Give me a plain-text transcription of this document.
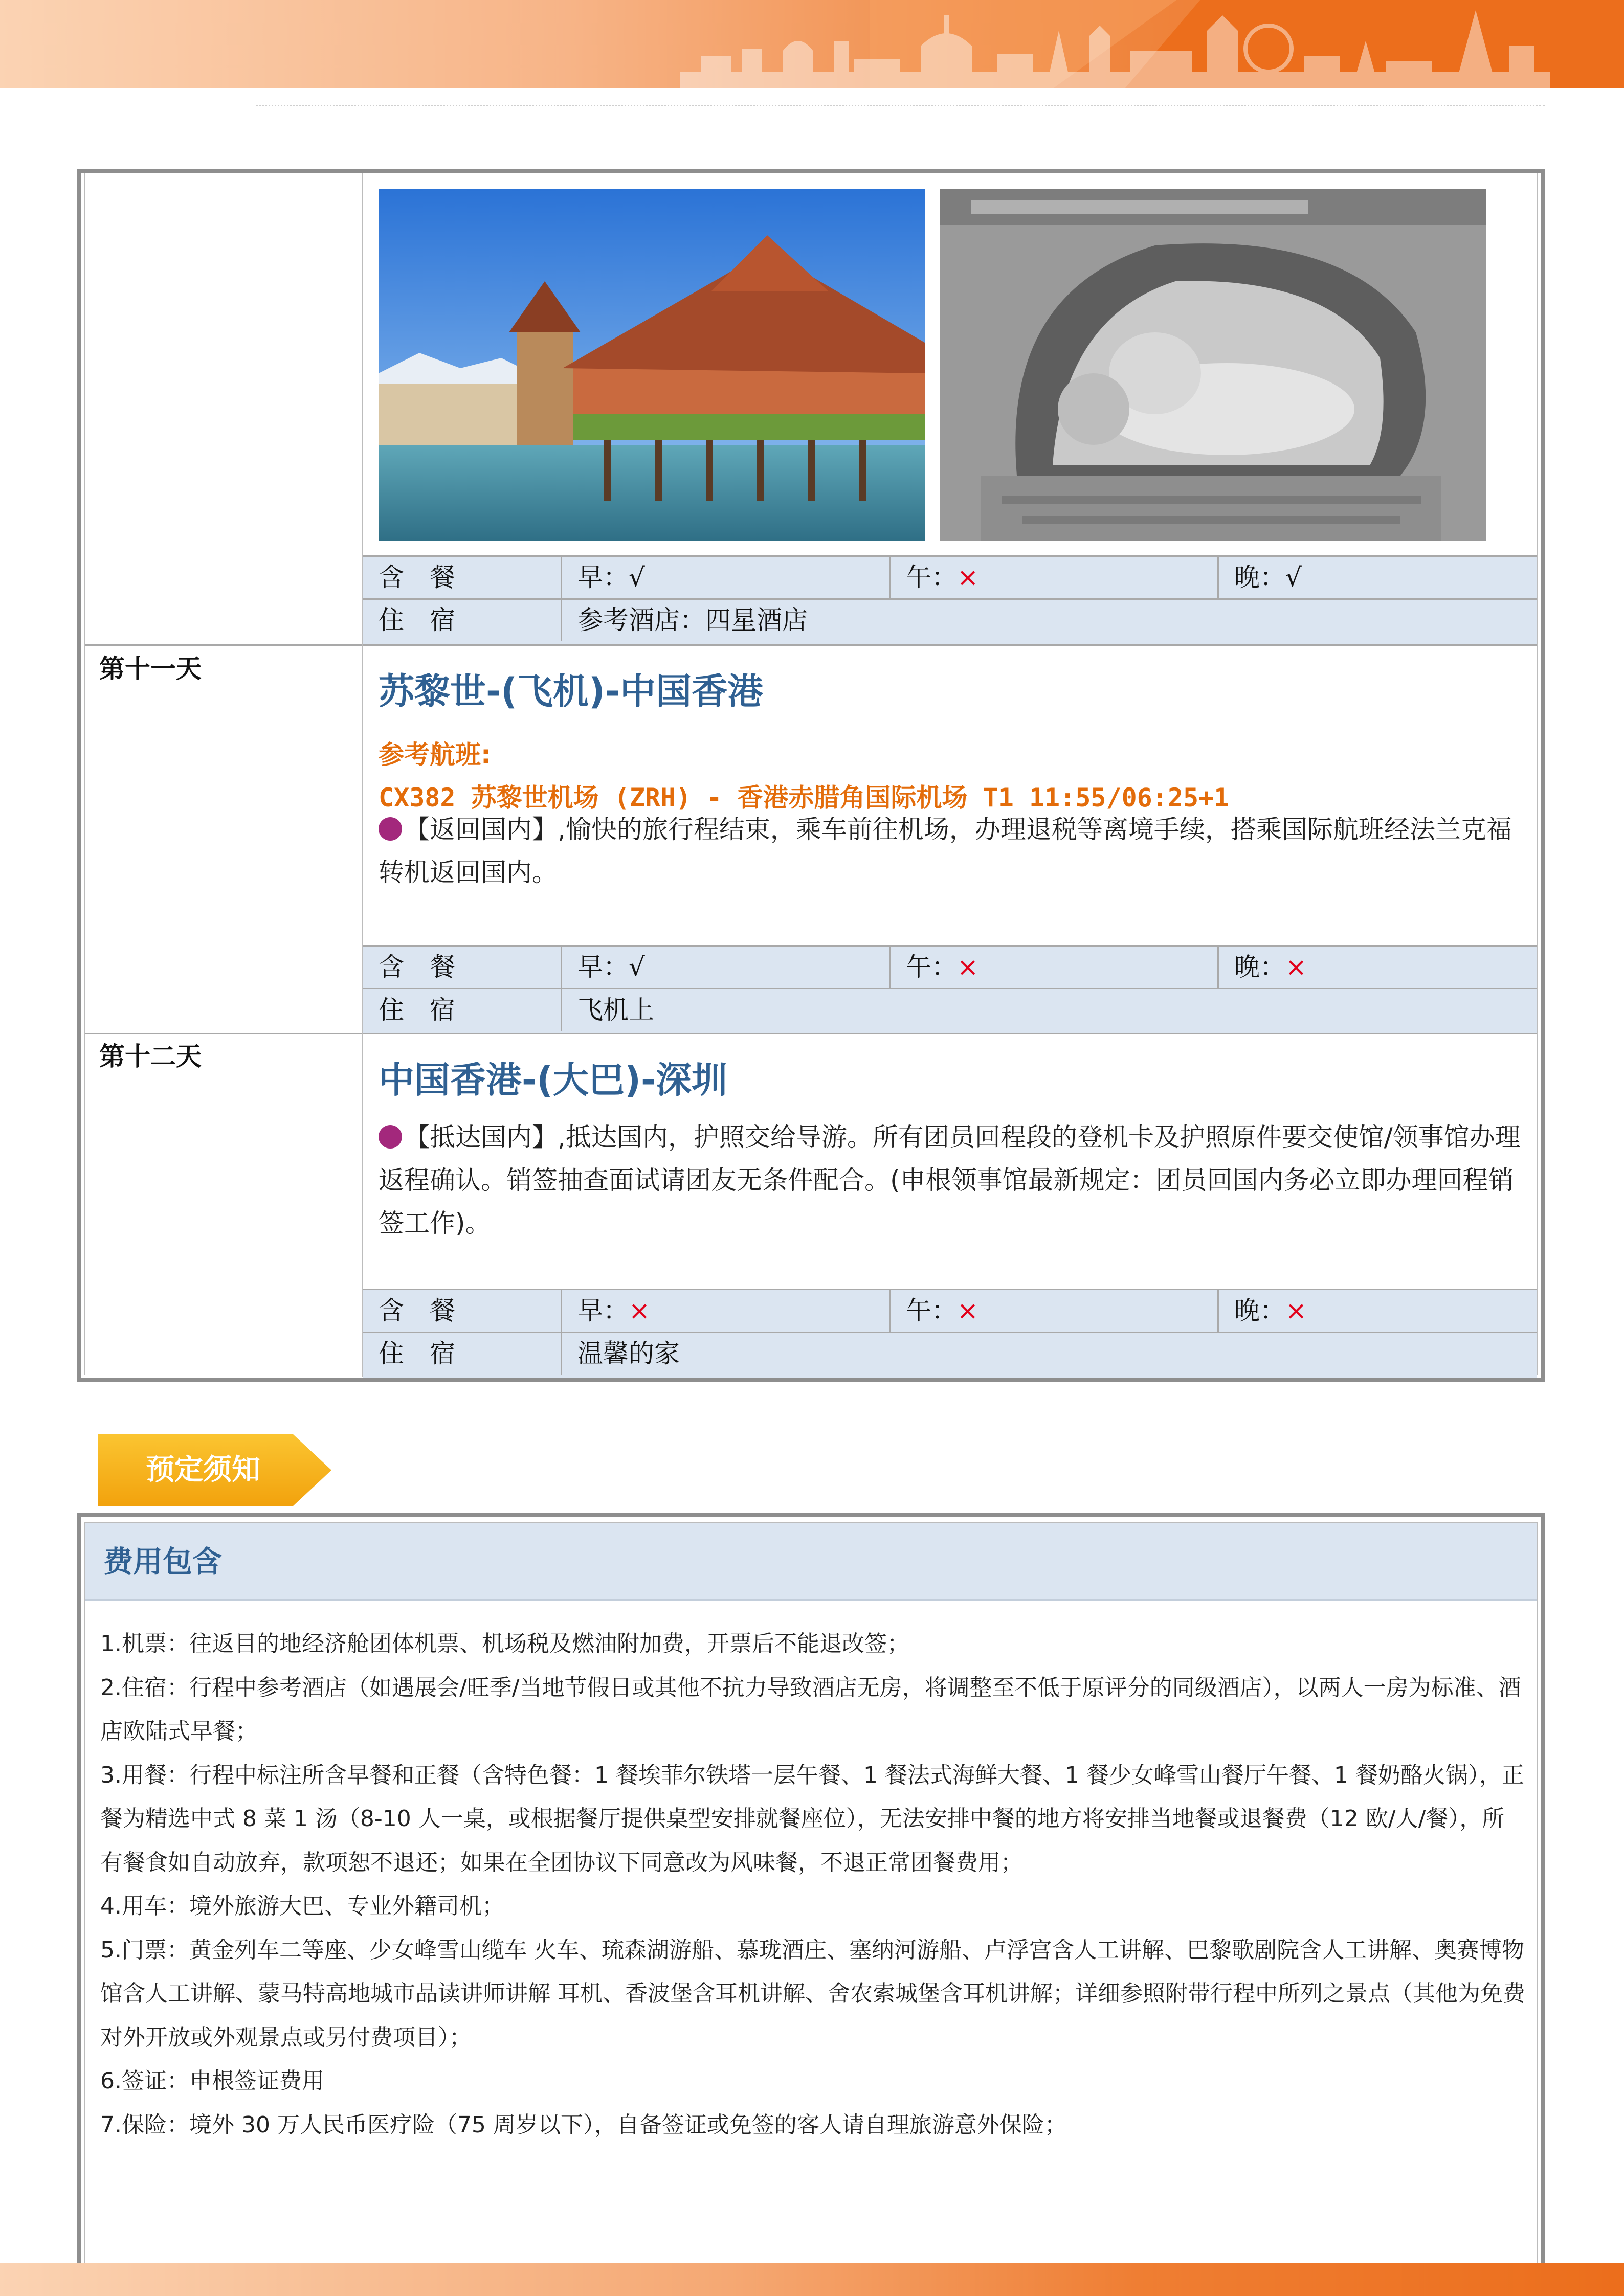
含　餐	早：√	午：×	晚：√
住　宿	参考酒店：四星酒店
第十一天
苏黎世-(飞机)-中国香港
参考航班:
CX382 苏黎世机场 (ZRH) - 香港赤腊角国际机场 T1 11:55/06:25+1
【返回国内】,愉快的旅行程结束，乘车前往机场，办理退税等离境手续，搭乘国际航班经法兰克福转机返回国内。
含　餐	早：√	午：×	晚：×
住　宿	飞机上
第十二天
中国香港-(大巴)-深圳
【抵达国内】,抵达国内，护照交给导游。所有团员回程段的登机卡及护照原件要交使馆/领事馆办理返程确认。销签抽查面试请团友无条件配合。(申根领事馆最新规定：团员回国内务必立即办理回程销签工作)。
含　餐	早：×	午：×	晚：×
住　宿	温馨的家
预定须知
费用包含
1.机票：往返目的地经济舱团体机票、机场税及燃油附加费，开票后不能退改签；
2.住宿：行程中参考酒店（如遇展会/旺季/当地节假日或其他不抗力导致酒店无房，将调整至不低于原评分的同级酒店），以两人一房为标准、酒店欧陆式早餐；
3.用餐：行程中标注所含早餐和正餐（含特色餐：1 餐埃菲尔铁塔一层午餐、1 餐法式海鲜大餐、1 餐少女峰雪山餐厅午餐、1 餐奶酪火锅），正餐为精选中式 8 菜 1 汤（8-10 人一桌，或根据餐厅提供桌型安排就餐座位），无法安排中餐的地方将安排当地餐或退餐费（12 欧/人/餐），所有餐食如自动放弃，款项恕不退还；如果在全团协议下同意改为风味餐，不退正常团餐费用；
4.用车：境外旅游大巴、专业外籍司机；
5.门票：黄金列车二等座、少女峰雪山缆车 火车、琉森湖游船、慕珑酒庄、塞纳河游船、卢浮宫含人工讲解、巴黎歌剧院含人工讲解、奥赛博物馆含人工讲解、蒙马特高地城市品读讲师讲解 耳机、香波堡含耳机讲解、舍农索城堡含耳机讲解；详细参照附带行程中所列之景点（其他为免费对外开放或外观景点或另付费项目）；
6.签证：申根签证费用
7.保险：境外 30 万人民币医疗险（75 周岁以下），自备签证或免签的客人请自理旅游意外保险；
